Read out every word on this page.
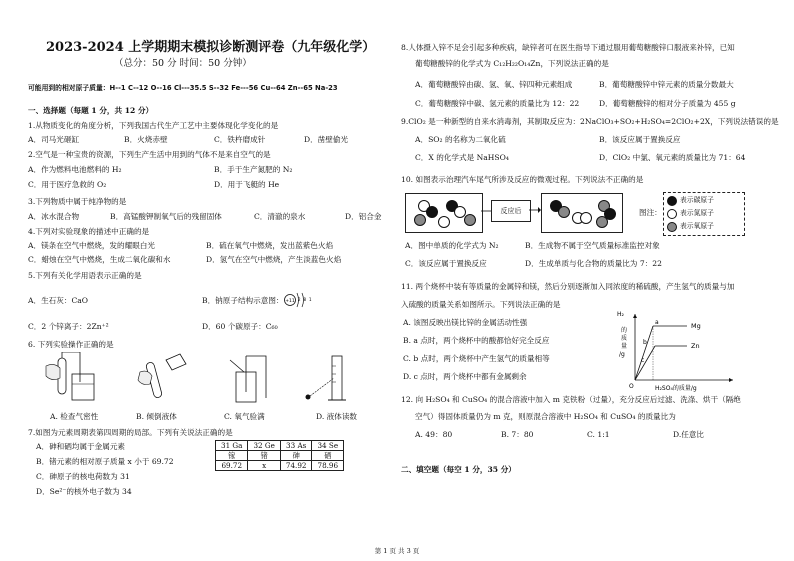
2023-2024 上学期期末模拟诊断测评卷（九年级化学）
（总分：50 分 时间：50 分钟）
可能用到的相对原子质量：H--1 C--12 O--16 Cl---35.5 S--32 Fe---56 Cu--64 Zn--65 Na-23
一、选择题（每题 1 分，共 12 分）
1.从物质变化的角度分析，下列我国古代生产工艺中主要体现化学变化的是
A．司马光砸缸	B．火烧赤壁	C．铁杵磨成针	D．凿壁偷光
2.空气是一种宝贵的资源，下列生产生活中用到的气体不是来自空气的是
A．作为燃料电池燃料的 H₂	B．手于生产氮肥的 N₂
C．用于医疗急救的 O₂	D．用于飞艇的 He
3.下列物质中属于纯净物的是
A．冰水混合物	B．高锰酸钾制氧气后的残留固体	C．清澈的泉水	D．铝合金
4.下列对实验现象的描述中正确的是
A．镁条在空气中燃烧，发的耀眼白光	B．硫在氧气中燃烧，发出蓝紫色火焰
C．蜡烛在空气中燃烧，生成二氧化碳和水	D．氢气在空气中燃烧，产生淡蓝色火焰
5.下列有关化学用语表示正确的是
A．生石灰：CaO	B．钠原子结构示意图： +11 2 8 1
C．2 个锌离子：2Zn⁺²	D．60 个碳原子：C₆₀
6. 下列实验操作正确的是
A. 检查气密性	B. 倾倒液体	C. 氧气验满	D. 液体读数
7.如图为元素周期表第四周期的局部。下列有关说法正确的是
A．砷和硒均属于金属元素
B．锗元素的相对原子质量 x 小于 69.72
C．砷原子的核电荷数为 31
D．Se²⁻的核外电子数为 34
31 Ga	32 Ge	33 As	34 Se
镓	锗	砷	硒
69.72	x	74.92	78.96
8.人体摄入锌不足会引起多种疾病，缺锌者可在医生指导下通过服用葡萄糖酸锌口服液来补锌，已知
葡萄糖酸锌的化学式为 C₁₂H₂₂O₁₄Zn，下列说法正确的是
A．葡萄糖酸锌由碳、氢、氧、锌四种元素组成	B．葡萄糖酸锌中锌元素的质量分数最大
C．葡萄糖酸锌中碳、氢元素的质量比为 12：22	D．葡萄糖酸锌的相对分子质量为 455 g
9.ClO₂ 是一种新型的自来水消毒剂，其制取反应为：2NaClO₃+SO₂+H₂SO₄=2ClO₂+2X，下列说法错误的是
A．SO₂ 的名称为二氧化硫	B．该反应属于置换反应
C．X 的化学式是 NaHSO₄	D．ClO₂ 中氯、氧元素的质量比为 71：64
10. 如图表示治理汽车尾气所涉及反应的微观过程。下列说法不正确的是
反应后	图注：
表示碳原子
表示氮原子
表示氧原子
A．图中单质的化学式为 N₂	B．生成物不属于空气质量标准监控对象
C．该反应属于置换反应	D．生成单质与化合物的质量比为 7：22
11. 两个烧杯中装有等质量的金属锌和镁，然后分别逐渐加入同浓度的稀硫酸，产生氢气的质量与加
入硫酸的质量关系如图所示。下列说法正确的是
A. 该图反映出镁比锌的金属活动性强
B. a 点时，两个烧杯中的酸都恰好完全反应
C. b 点时，两个烧杯中产生氢气的质量相等
D. c 点时，两个烧杯中都有金属剩余
H₂
的
质
量
/g
O
a
b
c
Mg
Zn
H₂SO₄的质量/g
12. 向 H₂SO₄ 和 CuSO₄ 的混合溶液中加入 m 克铁粉（过量），充分反应后过滤、洗涤、烘干（隔绝
空气）得固体质量仍为 m 克，则原混合溶液中 H₂SO₄ 和 CuSO₄ 的质量比为
A. 49：80	B. 7：80	C. 1:1	D.任意比
二、填空题（每空 1 分，35 分）
第 1 页 共 3 页
